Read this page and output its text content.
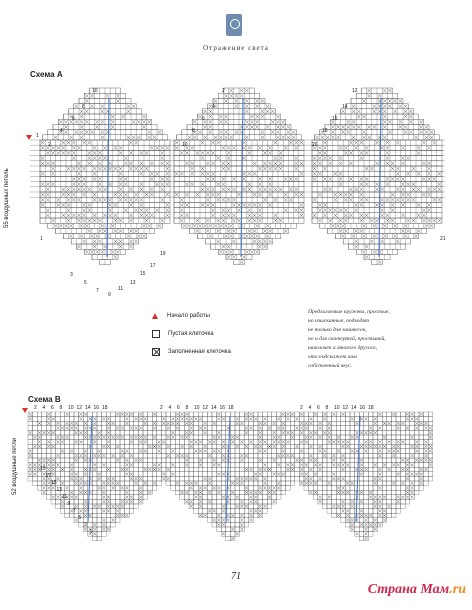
Отражение света
Схема А
55 воздушных петель
10
8
6
4
2
1
2
4
6
8
10
12
14
16
18
20
21
19
17
15
13
11
9
7
5
3
1
Начало работы
Пустая клеточка
Заполненная клеточка
Предлагаемые кружева, простые,
но изысканные, подходят
не только для занавесок,
но и для скатертей, простыней,
наволочек и многого другого,
что подскажет вам
собственный вкус.
Схема В
52 воздушные петли
2 4 6 8 10 12 14 16 18	2 4 6 8 10 12 14 16 18	2 4 6 8 10 12 14 16 18
19
17
15
13
11
9
7
5
3
1
71
Страна Мам.ru
